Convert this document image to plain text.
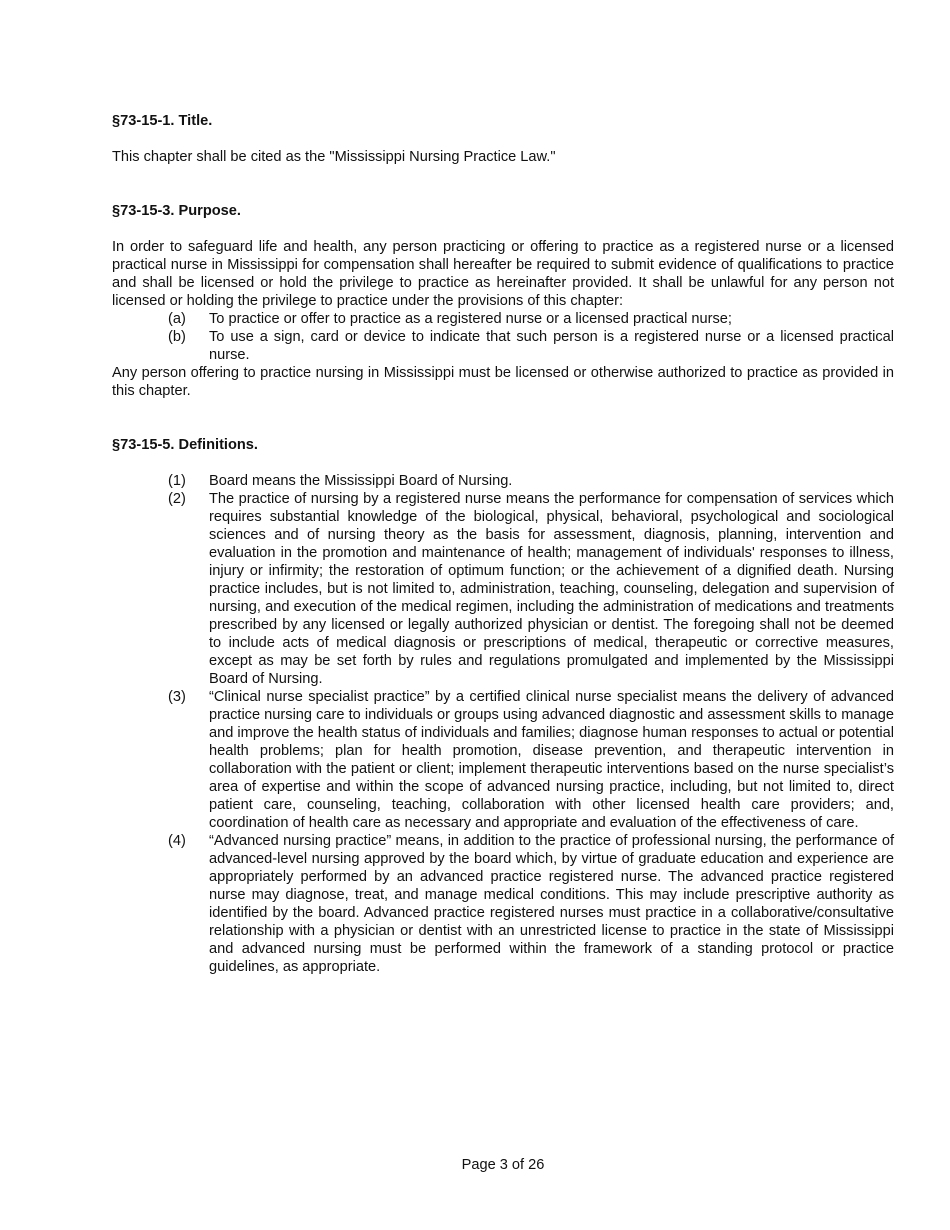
§73-15-1. Title.

This chapter shall be cited as the "Mississippi Nursing Practice Law."

§73-15-3. Purpose.

In order to safeguard life and health, any person practicing or offering to practice as a registered nurse or a licensed practical nurse in Mississippi for compensation shall hereafter be required to submit evidence of qualifications to practice and shall be licensed or hold the privilege to practice as hereinafter provided. It shall be unlawful for any person not licensed or holding the privilege to practice under the provisions of this chapter:

(a)	To practice or offer to practice as a registered nurse or a licensed practical nurse;
(b)	To use a sign, card or device to indicate that such person is a registered nurse or a licensed practical nurse.

Any person offering to practice nursing in Mississippi must be licensed or otherwise authorized to practice as provided in this chapter.

§73-15-5. Definitions.

(1)	Board means the Mississippi Board of Nursing.
(2)	The practice of nursing by a registered nurse means the performance for compensation of services which requires substantial knowledge of the biological, physical, behavioral, psychological and sociological sciences and of nursing theory as the basis for assessment, diagnosis, planning, intervention and evaluation in the promotion and maintenance of health; management of individuals' responses to illness, injury or infirmity; the restoration of optimum function; or the achievement of a dignified death. Nursing practice includes, but is not limited to, administration, teaching, counseling, delegation and supervision of nursing, and execution of the medical regimen, including the administration of medications and treatments prescribed by any licensed or legally authorized physician or dentist. The foregoing shall not be deemed to include acts of medical diagnosis or prescriptions of medical, therapeutic or corrective measures, except as may be set forth by rules and regulations promulgated and implemented by the Mississippi Board of Nursing.
(3)	“Clinical nurse specialist practice” by a certified clinical nurse specialist means the delivery of advanced practice nursing care to individuals or groups using advanced diagnostic and assessment skills to manage and improve the health status of individuals and families; diagnose human responses to actual or potential health problems; plan for health promotion, disease prevention, and therapeutic intervention in collaboration with the patient or client; implement therapeutic interventions based on the nurse specialist’s area of expertise and within the scope of advanced nursing practice, including, but not limited to, direct patient care, counseling, teaching, collaboration with other licensed health care providers; and, coordination of health care as necessary and appropriate and evaluation of the effectiveness of care.
(4)	“Advanced nursing practice” means, in addition to the practice of professional nursing, the performance of advanced-level nursing approved by the board which, by virtue of graduate education and experience are appropriately performed by an advanced practice registered nurse. The advanced practice registered nurse may diagnose, treat, and manage medical conditions. This may include prescriptive authority as identified by the board. Advanced practice registered nurses must practice in a collaborative/consultative relationship with a physician or dentist with an unrestricted license to practice in the state of Mississippi and advanced nursing must be performed within the framework of a standing protocol or practice guidelines, as appropriate.
Page 3 of 26
